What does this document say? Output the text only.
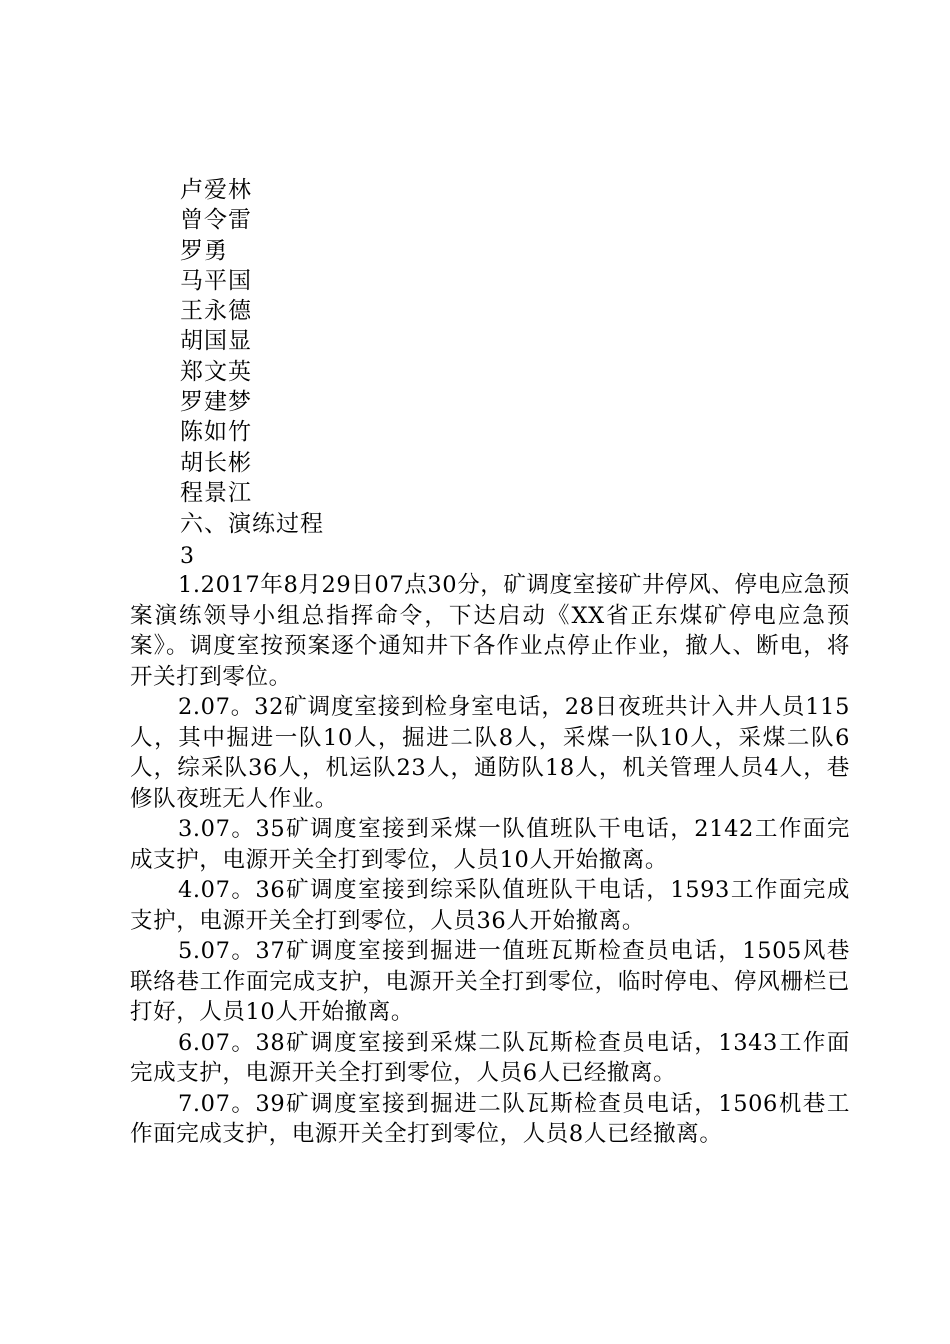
卢爱林
曾令雷
罗勇
马平国
王永德
胡国显
郑文英
罗建梦
陈如竹
胡长彬
程景江
六、演练过程
3

1.2017年8月29日07点30分，矿调度室接矿井停风、停电应急预案演练领导小组总指挥命令，下达启动《XX省正东煤矿停电应急预案》。调度室按预案逐个通知井下各作业点停止作业，撤人、断电，将开关打到零位。

2.07。32矿调度室接到检身室电话，28日夜班共计入井人员115人，其中掘进一队10人，掘进二队8人，采煤一队10人，采煤二队6人，综采队36人，机运队23人，通防队18人，机关管理人员4人，巷修队夜班无人作业。

3.07。35矿调度室接到采煤一队值班队干电话，2142工作面完成支护，电源开关全打到零位，人员10人开始撤离。

4.07。36矿调度室接到综采队值班队干电话，1593工作面完成支护，电源开关全打到零位，人员36人开始撤离。

5.07。37矿调度室接到掘进一值班瓦斯检查员电话，1505风巷联络巷工作面完成支护，电源开关全打到零位，临时停电、停风栅栏已打好，人员10人开始撤离。

6.07。38矿调度室接到采煤二队瓦斯检查员电话，1343工作面完成支护，电源开关全打到零位，人员6人已经撤离。

7.07。39矿调度室接到掘进二队瓦斯检查员电话，1506机巷工作面完成支护，电源开关全打到零位，人员8人已经撤离。
